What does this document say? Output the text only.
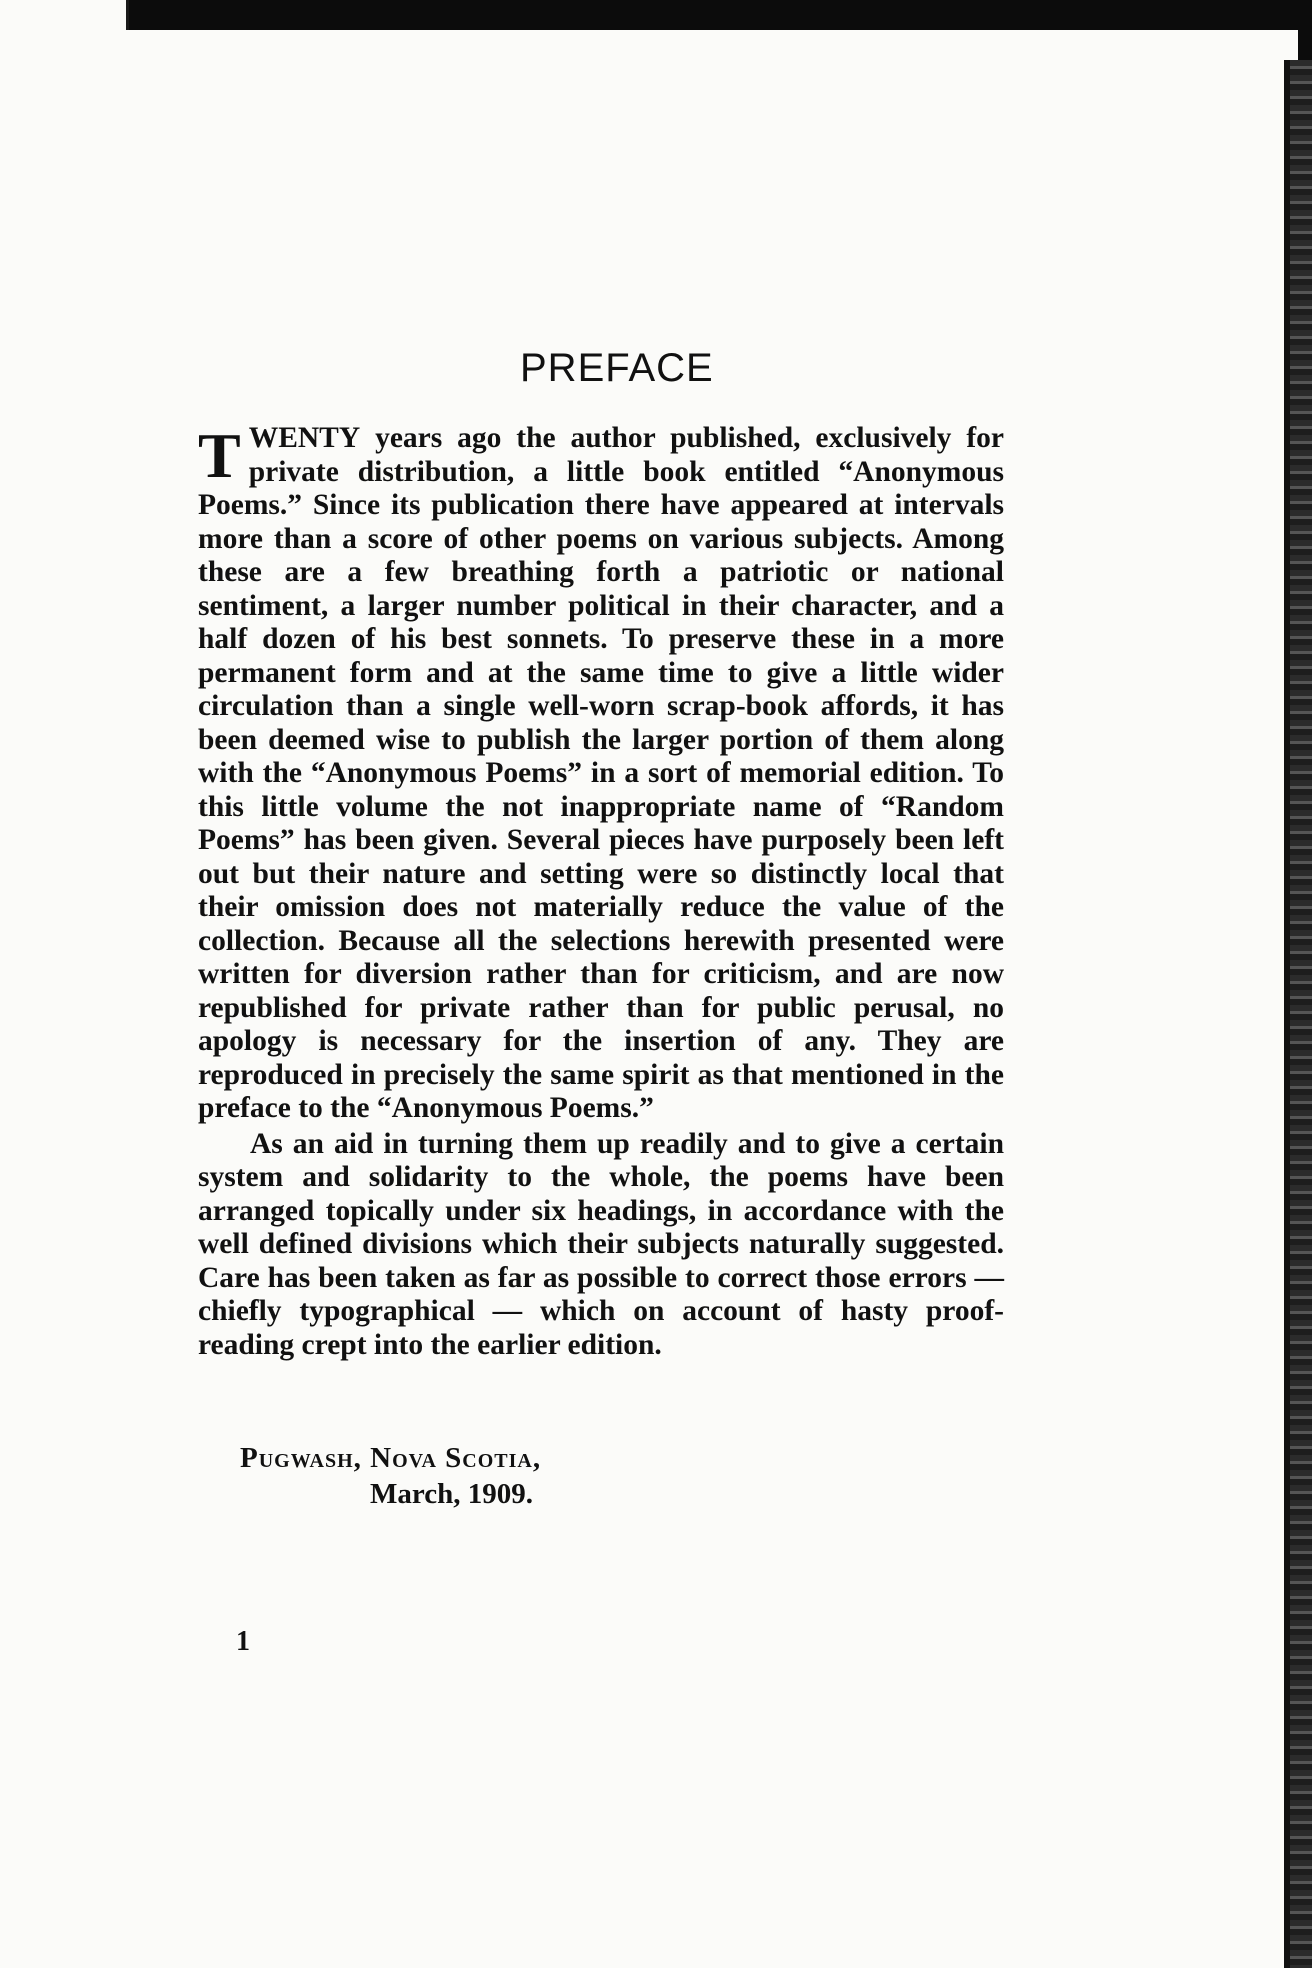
PREFACE

TWENTY years ago the author published, exclusively for private distribution, a little book entitled “Anonymous Poems.” Since its publication there have appeared at intervals more than a score of other poems on various subjects. Among these are a few breathing forth a patriotic or national sentiment, a larger number political in their character, and a half dozen of his best sonnets. To preserve these in a more permanent form and at the same time to give a little wider circulation than a single well-worn scrap-book affords, it has been deemed wise to publish the larger portion of them along with the “Anonymous Poems” in a sort of memorial edition. To this little volume the not inappropriate name of “Random Poems” has been given. Several pieces have purposely been left out but their nature and setting were so distinctly local that their omission does not materially reduce the value of the collection. Because all the selections herewith presented were written for diversion rather than for criticism, and are now republished for private rather than for public perusal, no apology is necessary for the insertion of any. They are reproduced in precisely the same spirit as that mentioned in the preface to the “Anonymous Poems.”

As an aid in turning them up readily and to give a certain system and solidarity to the whole, the poems have been arranged topically under six headings, in accordance with the well defined divisions which their subjects naturally suggested. Care has been taken as far as possible to correct those errors — chiefly typographical — which on account of hasty proof-reading crept into the earlier edition.

Pugwash, Nova Scotia,
March, 1909.
1
